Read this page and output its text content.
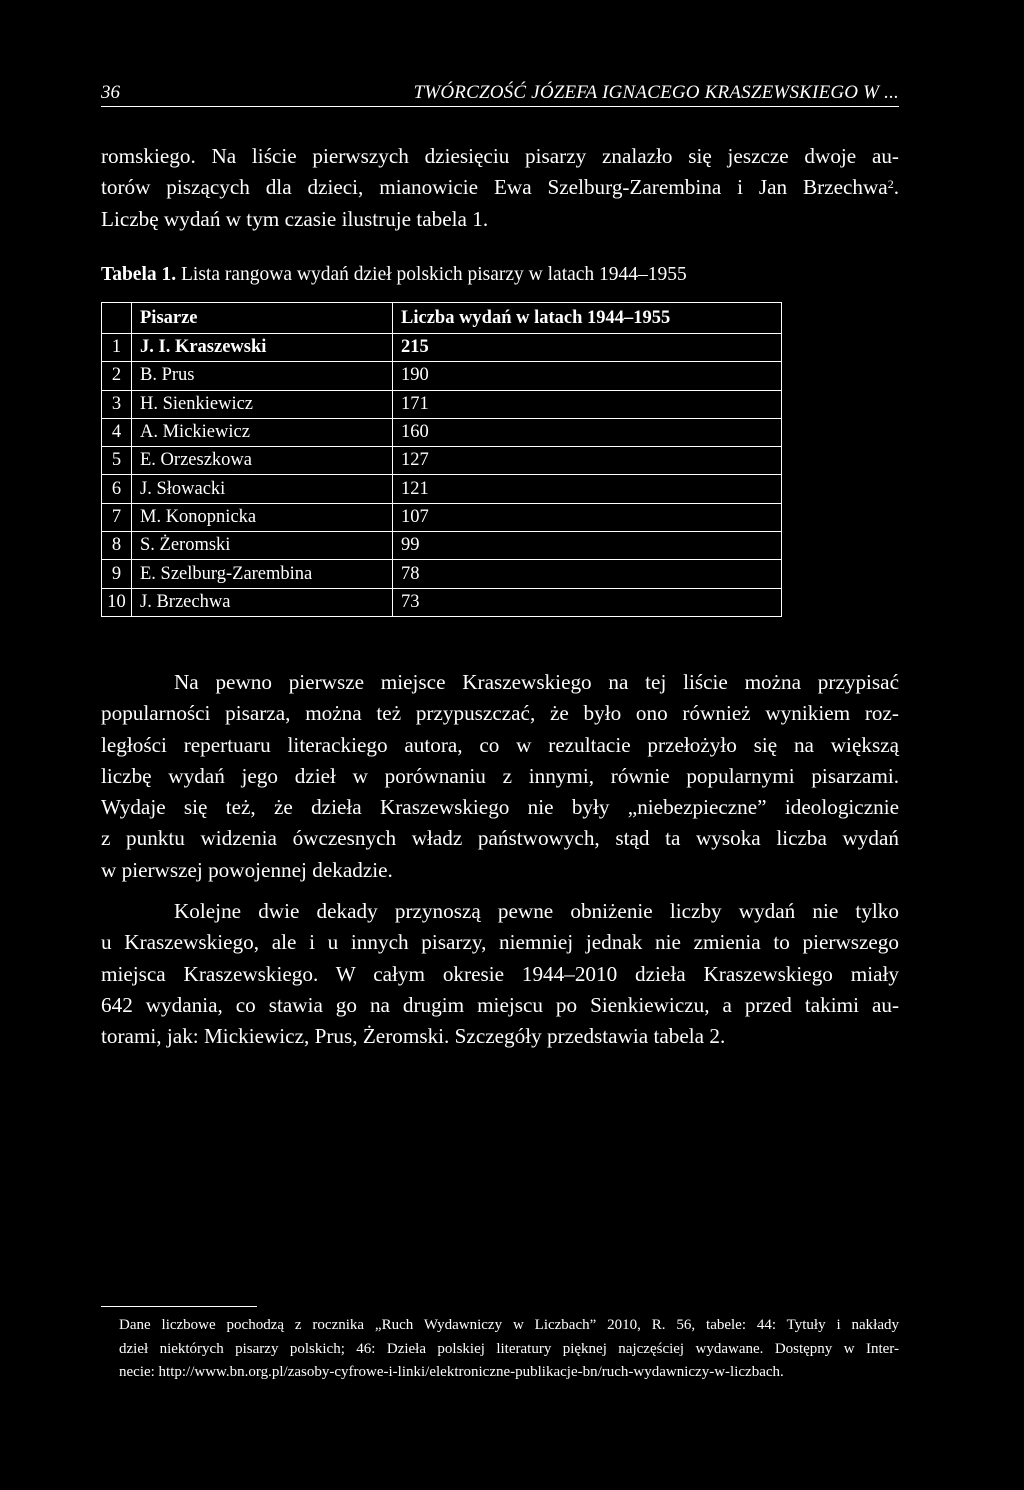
36	TWÓRCZOŚĆ JÓZEFA IGNACEGO KRASZEWSKIEGO W ...
romskiego. Na liście pierwszych dziesięciu pisarzy znalazło się jeszcze dwoje au-
torów piszących dla dzieci, mianowicie Ewa Szelburg-Zarembina i Jan Brzechwa$^2$.
Liczbę wydań w tym czasie ilustruje tabela 1.
Tabela 1. Lista rangowa wydań dzieł polskich pisarzy w latach 1944–1955
	Pisarze	Liczba wydań w latach 1944–1955
1	J. I. Kraszewski	215
2	B. Prus	190
3	H. Sienkiewicz	171
4	A. Mickiewicz	160
5	E. Orzeszkowa	127
6	J. Słowacki	121
7	M. Konopnicka	107
8	S. Żeromski	99
9	E. Szelburg-Zarembina	78
10	J. Brzechwa	73
Na pewno pierwsze miejsce Kraszewskiego na tej liście można przypisać
popularności pisarza, można też przypuszczać, że było ono również wynikiem roz-
ległości repertuaru literackiego autora, co w rezultacie przełożyło się na większą
liczbę wydań jego dzieł w porównaniu z innymi, równie popularnymi pisarzami.
Wydaje się też, że dzieła Kraszewskiego nie były „niebezpieczne” ideologicznie
z punktu widzenia ówczesnych władz państwowych, stąd ta wysoka liczba wydań
w pierwszej powojennej dekadzie.
Kolejne dwie dekady przynoszą pewne obniżenie liczby wydań nie tylko
u Kraszewskiego, ale i u innych pisarzy, niemniej jednak nie zmienia to pierwszego
miejsca Kraszewskiego. W całym okresie 1944–2010 dzieła Kraszewskiego miały
642 wydania, co stawia go na drugim miejscu po Sienkiewiczu, a przed takimi au-
torami, jak: Mickiewicz, Prus, Żeromski. Szczegóły przedstawia tabela 2.
Dane liczbowe pochodzą z rocznika „Ruch Wydawniczy w Liczbach” 2010, R. 56, tabele: 44: Tytuły i nakłady
dzieł niektórych pisarzy polskich; 46: Dzieła polskiej literatury pięknej najczęściej wydawane. Dostępny w Inter-
necie: http://www.bn.org.pl/zasoby-cyfrowe-i-linki/elektroniczne-publikacje-bn/ruch-wydawniczy-w-liczbach.
